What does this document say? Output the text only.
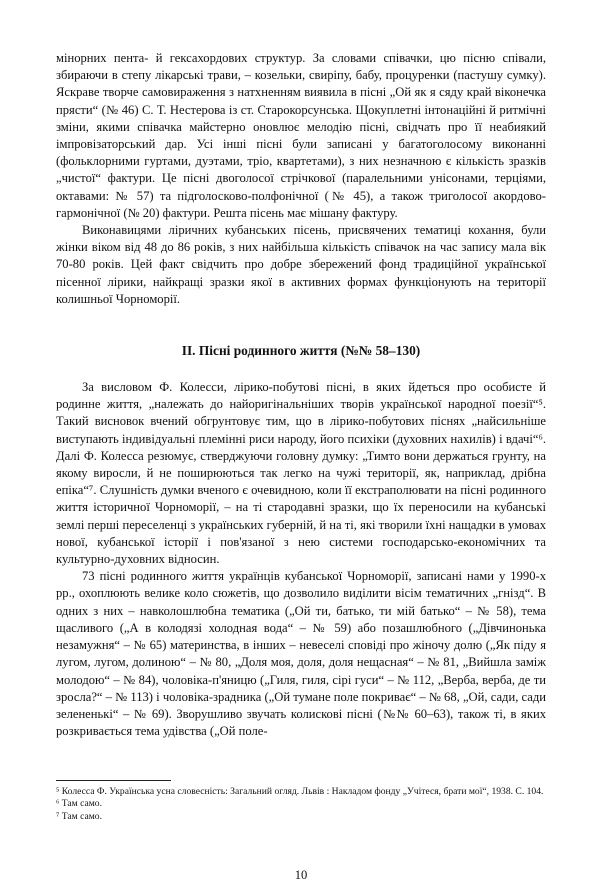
мінорних пента- й гексахордових структур. За словами співачки, цю пісню співали, збираючи в степу лікарські трави, – козельки, свиріпу, бабу, процуренки (пастушу сумку). Яскраве творче самовираження з натхненням виявила в пісні „Ой як я сяду край віконечка прясти“ (№ 46) С. Т. Нестерова із ст. Старокорсунська. Щокуплетні інтонаційні й ритмічні зміни, якими співачка майстерно оновлює мелодію пісні, свідчать про її неабиякий імпровізаторський дар. Усі інші пісні були записані у багатоголосому виконанні (фольклорними гуртами, дуэтами, тріо, квартетами), з них незначною є кількість зразків „чистої“ фактури. Це пісні двоголосої стрічкової (паралельними унісонами, терціями, октавами: № 57) та підголосково-полфонічної (№ 45), а також триголосої акордово-гармонічної (№ 20) фактури. Решта пісень має мішану фактуру.

Виконавицями ліричних кубанських пісень, присвячених тематиці кохання, були жінки віком від 48 до 86 років, з них найбільша кількість співачок на час запису мала вік 70-80 років. Цей факт свідчить про добре збережений фонд традиційної української пісенної лірики, найкращі зразки якої в активних формах функціонують на території колишньої Чорноморії.

II. Пісні родинного життя (№№ 58–130)

За висловом Ф. Колесси, лірико-побутові пісні, в яких йдеться про особисте й родинне життя, „належать до найоригінальніших творів української народної поезії“⁵. Такий висновок вчений обгрунтовує тим, що в лірико-побутових піснях „найсильніше виступають індивідуальні племінні риси народу, його психіки (духовних нахилів) і вдачі“⁶. Далі Ф. Колесса резюмує, стверджуючи головну думку: „Тимто вони держаться грунту, на якому виросли, й не поширюються так легко на чужі території, як, наприклад, дрібна епіка“⁷. Слушність думки вченого є очевидною, коли її екстраполювати на пісні родинного життя історичної Чорноморії, – на ті стародавні зразки, що їх переносили на кубанські землі перші переселенці з українських губерній, й на ті, які творили їхні нащадки в умовах нової, кубанської історії і пов'язаної з нею системи господарсько-економічних та культурно-духовних відносин.

73 пісні родинного життя українців кубанської Чорноморії, записані нами у 1990-х рр., охоплюють велике коло сюжетів, що дозволило виділити вісім тематичних „гнізд“. В одних з них – навколошлюбна тематика („Ой ти, батько, ти мій батько“ – № 58), тема щасливого („А в колодязі холодная вода“ – № 59) або позашлюбного („Дівчинонька незамужня“ – № 65) материнства, в інших – невеселі сповіді про жіночу долю („Як піду я лугом, лугом, долиною“ – № 80, „Доля моя, доля, доля нещасная“ – № 81, „Вийшла заміж молодою“ – № 84), чоловіка-п'яницю („Гиля, гиля, сірі гуси“ – № 112, „Верба, верба, де ти зросла?“ – № 113) і чоловіка-зрадника („Ой тумане поле покриває“ – № 68, „Ой, сади, сади зелененькі“ – № 69). Зворушливо звучать колискові пісні (№№ 60–63), також ті, в яких розкривається тема удівства („Ой поле-

⁵ Колесса Ф. Українська усна словесність: Загальний огляд. Львів : Накладом фонду „Учітеся, брати мої“, 1938. С. 104.

⁶ Там само.

⁷ Там само.

10
